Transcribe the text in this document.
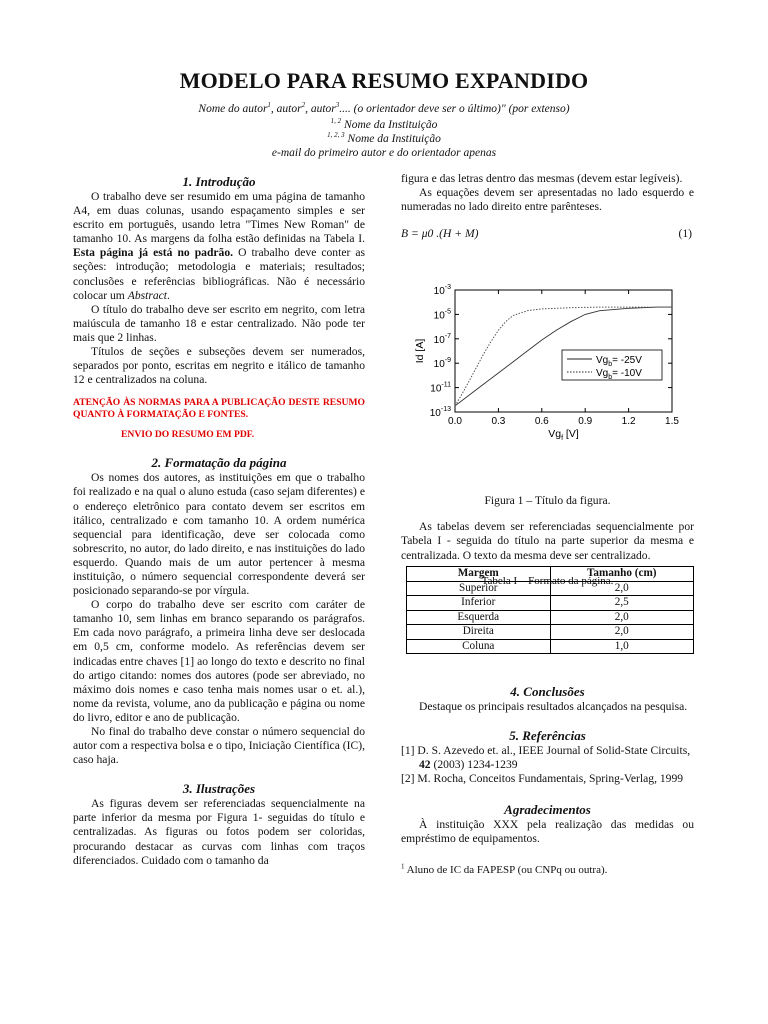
MODELO PARA RESUMO EXPANDIDO
Nome do autor$^1$, autor$^2$, autor$^3$.... (o orientador deve ser o último)" (por extenso)
$^{1, 2}$ Nome da Instituição
$^{1, 2, 3}$ Nome da Instituição
e-mail do primeiro autor e do orientador apenas
1. Introdução

O trabalho deve ser resumido em uma página de tamanho A4, em duas colunas, usando espaçamento simples e ser escrito em português, usando letra "Times New Roman" de tamanho 10. As margens da folha estão definidas na Tabela I. Esta página já está no padrão. O trabalho deve conter as seções: introdução; metodologia e materiais; resultados; conclusões e referências bibliográficas. Não é necessário colocar um Abstract.

O título do trabalho deve ser escrito em negrito, com letra maiúscula de tamanho 18 e estar centralizado. Não pode ter mais que 2 linhas.

Títulos de seções e subseções devem ser numerados, separados por ponto, escritas em negrito e itálico de tamanho 12 e centralizados na coluna.

ATENÇÃO ÀS NORMAS PARA A PUBLICAÇÃO DESTE RESUMO QUANTO À FORMATAÇÃO E FONTES.

ENVIO DO RESUMO EM PDF.

2. Formatação da página

Os nomes dos autores, as instituições em que o trabalho foi realizado e na qual o aluno estuda (caso sejam diferentes) e o endereço eletrônico para contato devem ser escritos em itálico, centralizado e com tamanho 10. A ordem numérica sequencial para identificação, deve ser colocada como sobrescrito, no autor, do lado direito, e nas instituições do lado esquerdo. Quando mais de um autor pertencer à mesma instituição, o número sequencial correspondente deverá ser posicionado separando-se por vírgula.

O corpo do trabalho deve ser escrito com caráter de tamanho 10, sem linhas em branco separando os parágrafos. Em cada novo parágrafo, a primeira linha deve ser deslocada em 0,5 cm, conforme modelo. As referências devem ser indicadas entre chaves [1] ao longo do texto e descrito no final do artigo citando: nomes dos autores (pode ser abreviado, no máximo dois nomes e caso tenha mais nomes usar o et. al.), nome da revista, volume, ano da publicação e página ou nome do livro, editor e ano de publicação.

No final do trabalho deve constar o número sequencial do autor com a respectiva bolsa e o tipo, Iniciação Científica (IC), caso haja.

3. Ilustrações

As figuras devem ser referenciadas sequencialmente na parte inferior da mesma por Figura 1- seguidas do título e centralizadas. As figuras ou fotos podem ser coloridas, procurando destacar as curvas com linhas com traços diferenciados. Cuidado com o tamanho da

figura e das letras dentro das mesmas (devem estar legíveis).

As equações devem ser apresentadas no lado esquerdo e numeradas no lado direito entre parênteses.

B = μ0 .(H + M)	(1)

Figura 1 – Título da figura.

As tabelas devem ser referenciadas sequencialmente por Tabela I - seguida do título na parte superior da mesma e centralizada. O texto da mesma deve ser centralizado.

Tabela I – Formato da página.

0.0	0.3	0.6	0.9	1.2	1.5
$10^{-3}$
$10^{-5}$
$10^{-7}$
$10^{-9}$
$10^{-11}$
$10^{-13}$
$Vg_f$ [V]
Id [A]	$Vg_b= -25V$
$Vg_b= -10V$
Margem	Tamanho (cm)
Superior	2,0
Inferior	2,5
Esquerda	2,0
Direita	2,0
Coluna	1,0
4. Conclusões

Destaque os principais resultados alcançados na pesquisa.

5. Referências

[1] D. S. Azevedo et. al., IEEE Journal of Solid-State Circuits, 42 (2003) 1234-1239

[2] M. Rocha, Conceitos Fundamentais, Spring-Verlag, 1999

Agradecimentos

À instituição XXX pela realização das medidas ou empréstimo de equipamentos.

$^1$ Aluno de IC da FAPESP (ou CNPq ou outra).
